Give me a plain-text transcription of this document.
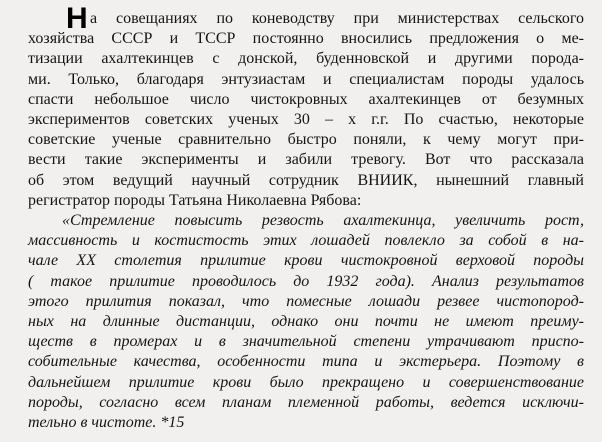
Н а совещаниях по коневодству при министерствах сельского
хозяйства СССР и ТССР постоянно вносились предложения о ме-
тизации ахалтекинцев с донской, буденновской и другими порода-
ми. Только, благодаря энтузиастам и специалистам породы удалось
спасти небольшое число чистокровных ахалтекинцев от безумных
экспериментов советских ученых 30 – х г.г. По счастью, некоторые
советские ученые сравнительно быстро поняли, к чему могут при-
вести такие эксперименты и забили тревогу. Вот что рассказала
об этом ведущий научный сотрудник ВНИИК, нынешний главный
регистратор породы Татьяна Николаевна Рябова:
«Стремление повысить резвость ахалтекинца, увеличить рост,
массивность и костистость этих лошадей повлекло за собой в на-
чале XX столетия прилитие крови чистокровной верховой породы
( такое прилитие проводилось до 1932 года). Анализ результатов
этого прилития показал, что помесные лошади резвее чистопород-
ных на длинные дистанции, однако они почти не имеют преиму-
ществ в промерах и в значительной степени утрачивают приспо-
собительные качества, особенности типа и экстерьера. Поэтому в
дальнейшем прилитие крови было прекращено и совершенствование
породы, согласно всем планам племенной работы, ведется исключи-
тельно в чистоте. *15
